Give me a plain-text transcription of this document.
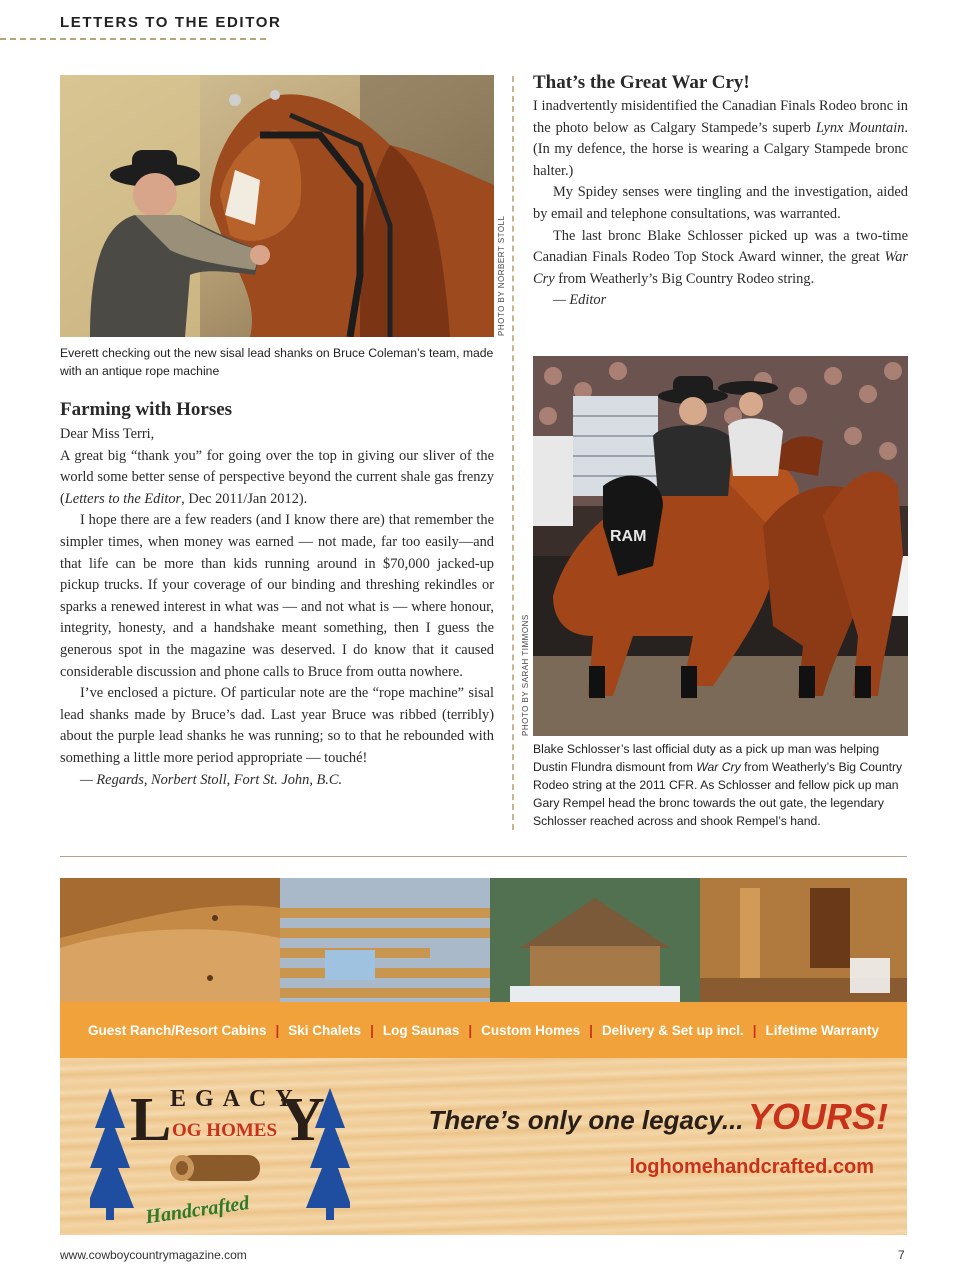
LETTERS TO THE EDITOR
PHOTO BY NORBERT STOLL
Everett checking out the new sisal lead shanks on Bruce Coleman’s team, made with an antique rope machine
Farming with Horses

Dear Miss Terri,

A great big “thank you” for going over the top in giving our sliver of the world some better sense of perspective beyond the current shale gas frenzy (Letters to the Editor, Dec 2011/Jan 2012).

I hope there are a few readers (and I know there are) that remember the simpler times, when money was earned — not made, far too easily—and that life can be more than kids running around in $70,000 jacked-up pickup trucks. If your coverage of our binding and threshing rekindles or sparks a renewed interest in what was — and not what is — where honour, integrity, honesty, and a handshake meant something, then I guess the generous spot in the magazine was deserved. I do know that it caused considerable discussion and phone calls to Bruce from outta nowhere.

I’ve enclosed a picture. Of particular note are the “rope machine” sisal lead shanks made by Bruce’s dad. Last year Bruce was ribbed (terribly) about the purple lead shanks he was running; so to that he rebounded with something a little more period appropriate — touché!

— Regards, Norbert Stoll, Fort St. John, B.C.

That’s the Great War Cry!

I inadvertently misidentified the Canadian Finals Rodeo bronc in the photo below as Calgary Stampede’s superb Lynx Mountain. (In my defence, the horse is wearing a Calgary Stampede bronc halter.)

My Spidey senses were tingling and the investigation, aided by email and telephone consultations, was warranted.

The last bronc Blake Schlosser picked up was a two-time Canadian Finals Rodeo Top Stock Award winner, the great War Cry from Weatherly’s Big Country Rodeo string.

— Editor

RAM
PHOTO BY SARAH TIMMONS
Blake Schlosser’s last official duty as a pick up man was helping Dustin Flundra dismount from War Cry from Weatherly’s Big Country Rodeo string at the 2011 CFR. As Schlosser and fellow pick up man Gary Rempel head the bronc towards the out gate, the legendary Schlosser reached across and shook Rempel’s hand.
Guest Ranch/Resort Cabins | Ski Chalets | Log Saunas | Custom Homes | Delivery & Set up incl. | Lifetime Warranty
L Y
EGACY
OG HOMES
Handcrafted
There’s only one legacy... YOURS!
loghomehandcrafted.com
www.cowboycountrymagazine.com	7
